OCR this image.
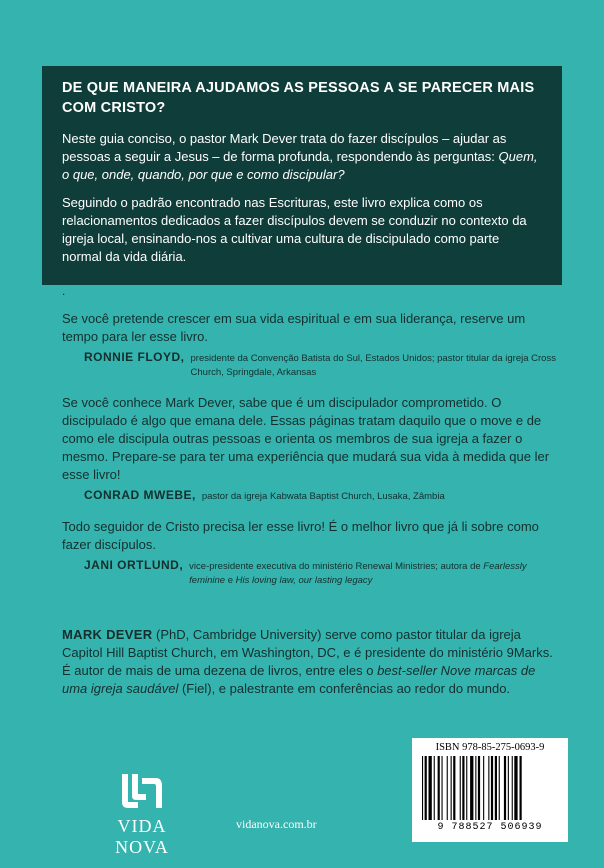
DE QUE MANEIRA AJUDAMOS AS PESSOAS A SE PARECER MAIS COM CRISTO?

Neste guia conciso, o pastor Mark Dever trata do fazer discípulos – ajudar as pessoas a seguir a Jesus – de forma profunda, respondendo às perguntas: Quem, o que, onde, quando, por que e como discipular?

Seguindo o padrão encontrado nas Escrituras, este livro explica como os relacionamentos dedicados a fazer discípulos devem se conduzir no contexto da igreja local, ensinando-nos a cultivar uma cultura de discipulado como parte normal da vida diária.

.

Se você pretende crescer em sua vida espiritual e em sua liderança, reserve um tempo para ler esse livro.

RONNIE FLOYD, presidente da Convenção Batista do Sul, Estados Unidos; pastor titular da igreja Cross Church, Springdale, Arkansas

Se você conhece Mark Dever, sabe que é um discipulador comprometido. O discipulado é algo que emana dele. Essas páginas tratam daquilo que o move e de como ele discipula outras pessoas e orienta os membros de sua igreja a fazer o mesmo. Prepare-se para ter uma experiência que mudará sua vida à medida que ler esse livro!

CONRAD MWEBE, pastor da igreja Kabwata Baptist Church, Lusaka, Zâmbia

Todo seguidor de Cristo precisa ler esse livro! É o melhor livro que já li sobre como fazer discípulos.

JANI ORTLUND, vice-presidente executiva do ministério Renewal Ministries; autora de Fearlessly feminine e His loving law, our lasting legacy

MARK DEVER (PhD, Cambridge University) serve como pastor titular da igreja Capitol Hill Baptist Church, em Washington, DC, e é presidente do ministério 9Marks. É autor de mais de uma dezena de livros, entre eles o best-seller Nove marcas de uma igreja saudável (Fiel), e palestrante em conferências ao redor do mundo.

VIDA NOVA
vidanova.com.br
ISBN 978-85-275-0693-9
9 788527 506939
